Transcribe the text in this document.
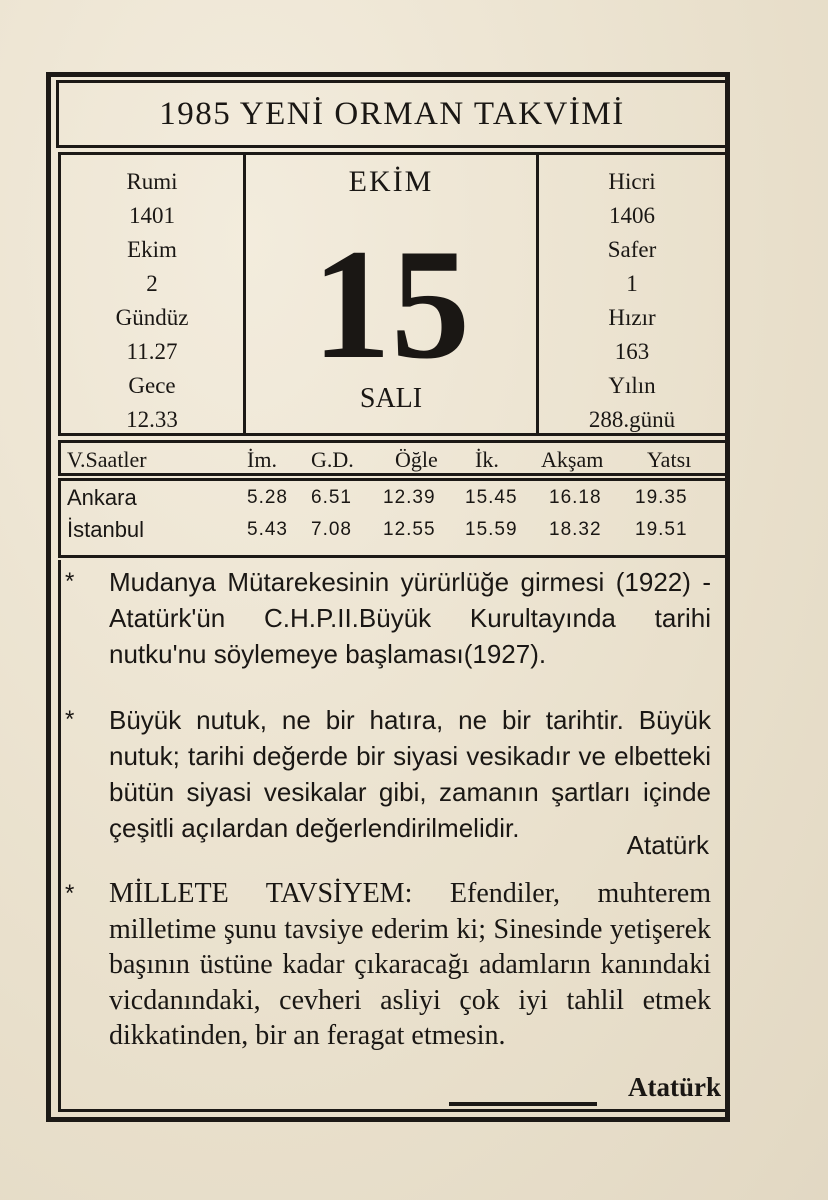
1985 YENİ ORMAN TAKVİMİ
Rumi
1401
Ekim
2
Gündüz
11.27
Gece
12.33
EKİM
15
SALI
Hicri
1406
Safer
1
Hızır
163
Yılın
288.günü
V.Saatler	İm. G.D. Öğle İk. Akşam Yatsı
Ankara	5.28 6.51 12.39 15.45 16.18 19.35
İstanbul	5.43 7.08 12.55 15.59 18.32 19.51
* Mudanya Mütarekesinin yürürlüğe girmesi (1922) - Atatürk'ün C.H.P.II.Büyük Kurultayında tarihi nutku'nu söylemeye başlaması(1927).
* Büyük nutuk, ne bir hatıra, ne bir tarihtir. Büyük nutuk; tarihi değerde bir siyasi vesikadır ve elbetteki bütün siyasi vesikalar gibi, zamanın şartları içinde çeşitli açılardan değerlendirilmelidir.
Atatürk
* MİLLETE TAVSİYEM: Efendiler, muhterem milletime şunu tavsiye ederim ki; Sinesinde yetişerek başının üstüne kadar çıkaracağı adamların kanındaki vicdanındaki, cevheri asliyi çok iyi tahlil etmek dikkatinden, bir an feragat etmesin.
Atatürk
